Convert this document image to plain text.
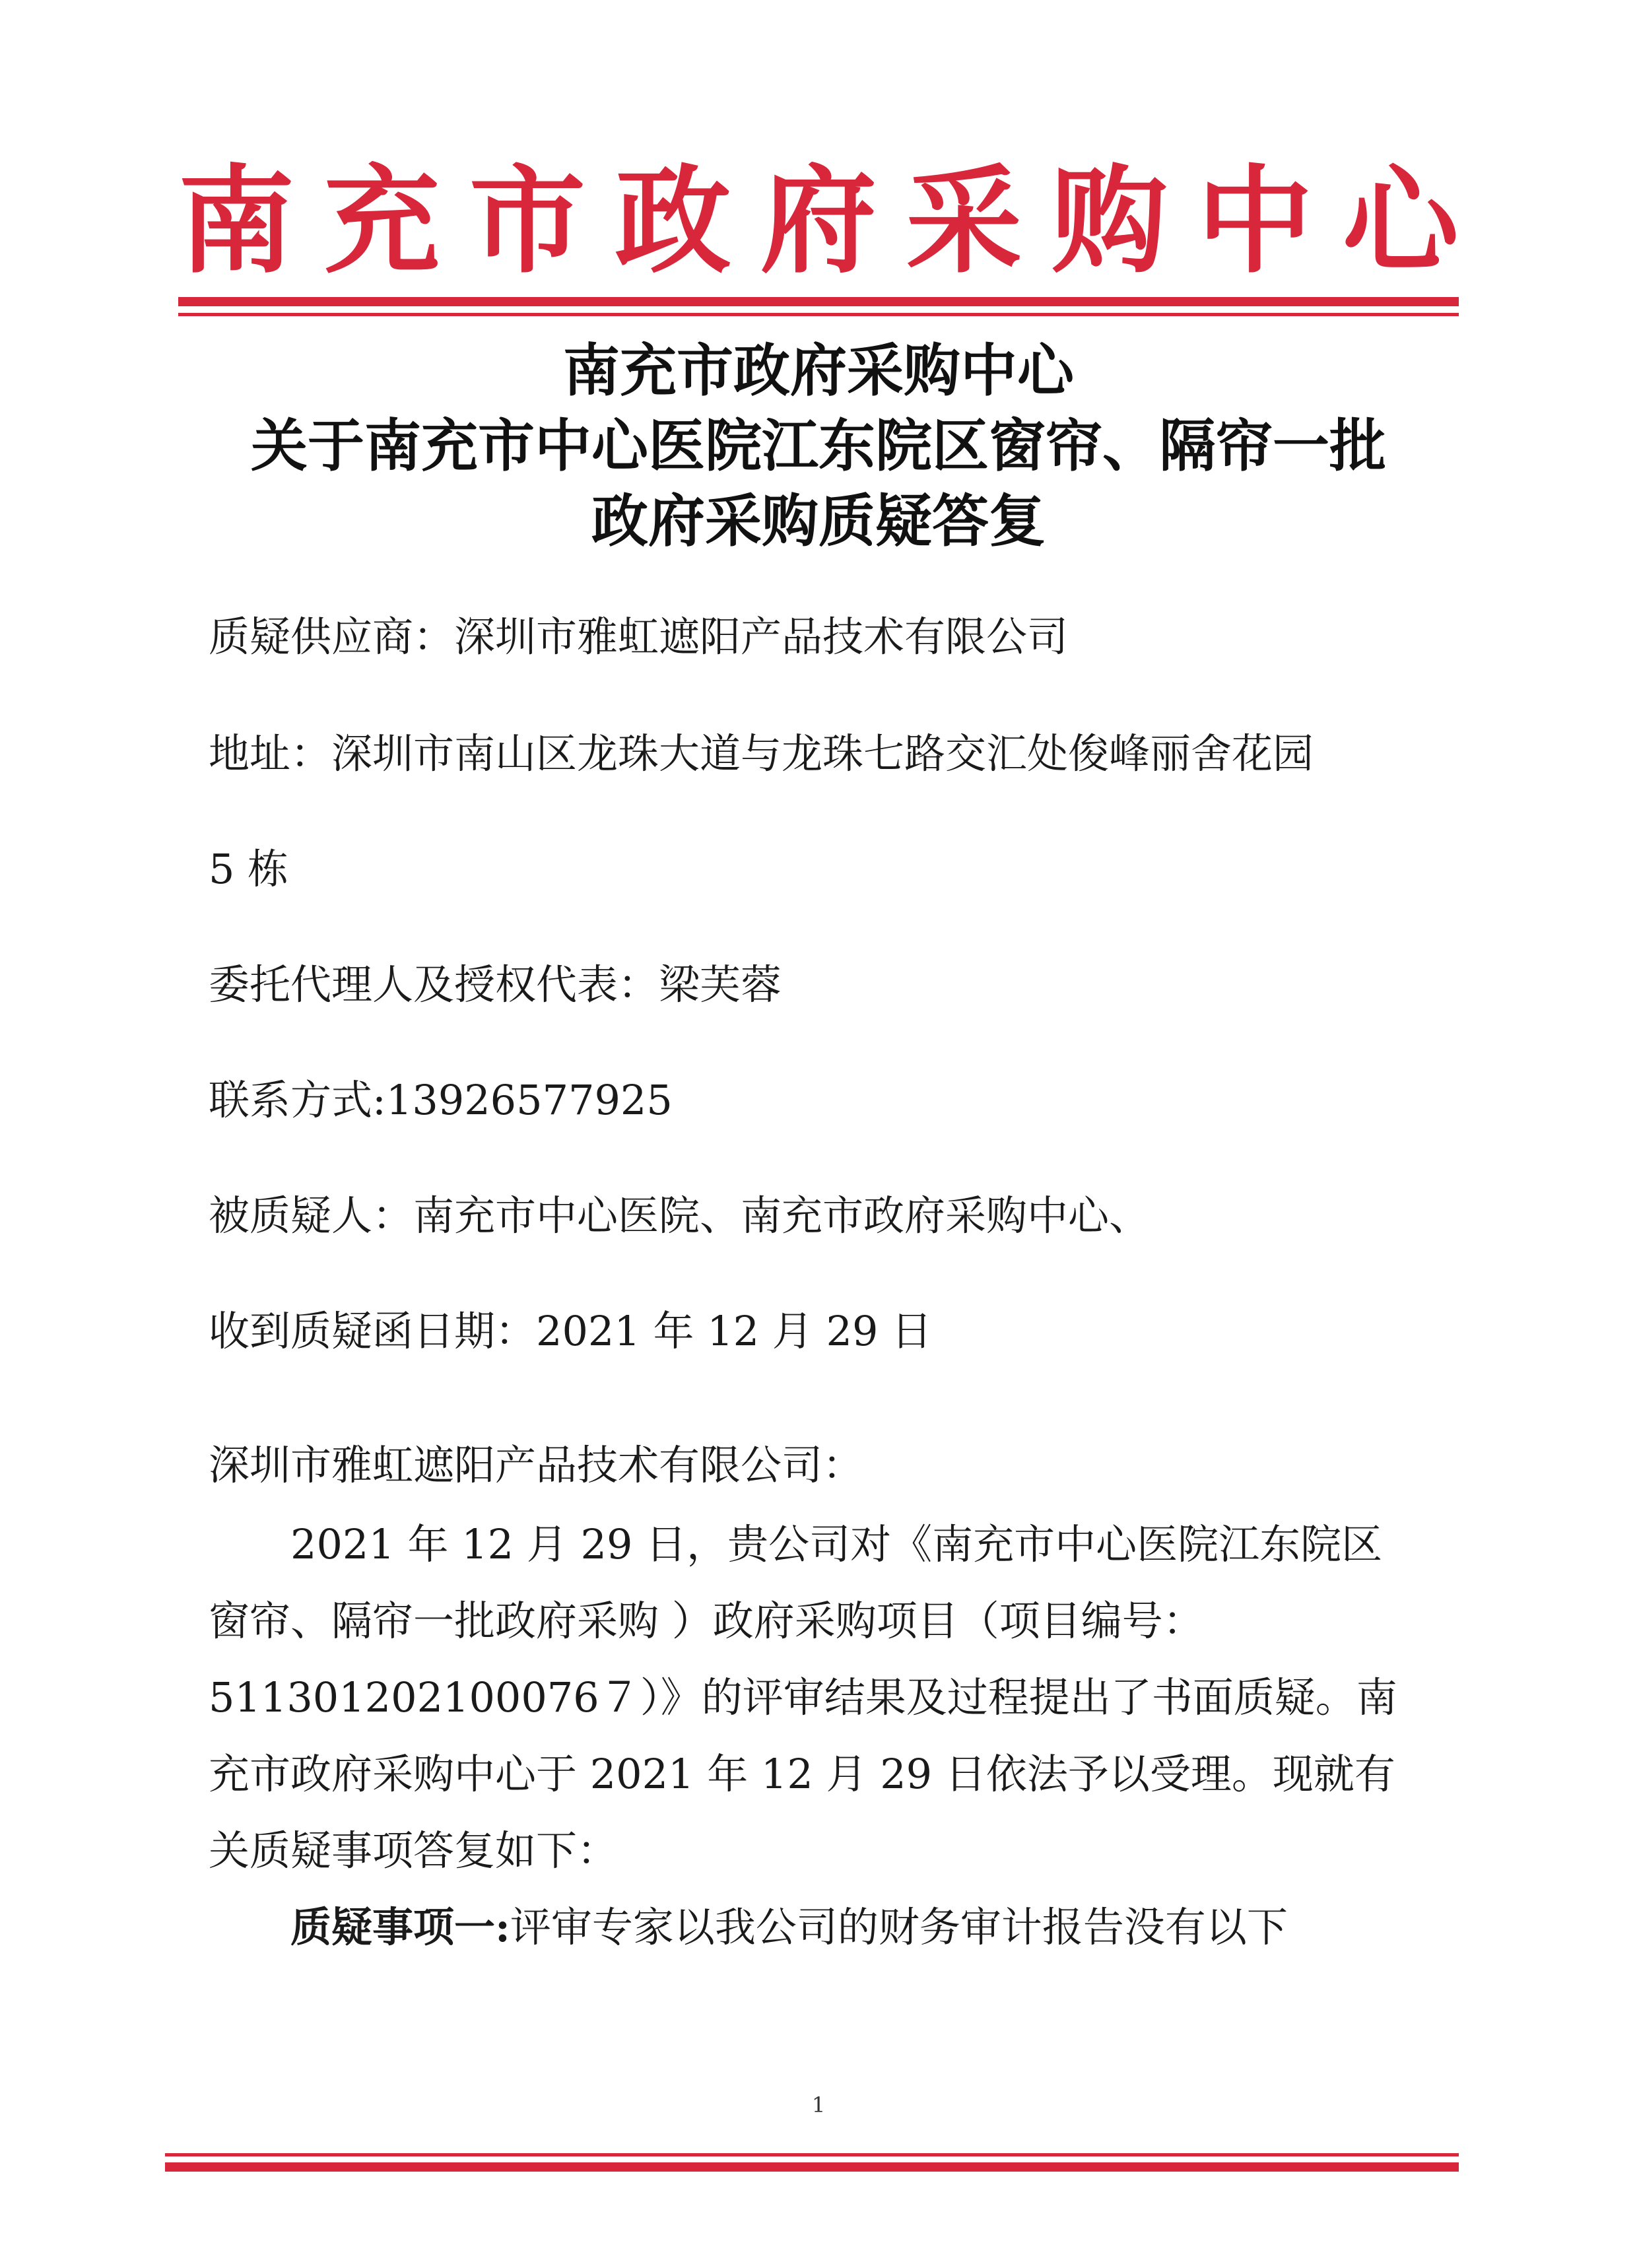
南 充 市 政 府 采 购 中 心
南充市政府采购中心
关于南充市中心医院江东院区窗帘、隔帘一批
政府采购质疑答复
质疑供应商：深圳市雅虹遮阳产品技术有限公司
地址：深圳市南山区龙珠大道与龙珠七路交汇处俊峰丽舍花园
5 栋
委托代理人及授权代表：梁芙蓉
联系方式:13926577925
被质疑人：南充市中心医院、南充市政府采购中心、
收到质疑函日期：2021 年 12 月 29 日
深圳市雅虹遮阳产品技术有限公司：
2021 年 12 月 29 日，贵公司对《南充市中心医院江东院区窗帘、隔帘一批政府采购 ）政府采购项目（项目编号：511301202100076７）》的评审结果及过程提出了书面质疑。南充市政府采购中心于 2021 年 12 月 29 日依法予以受理。现就有关质疑事项答复如下：
质疑事项一:评审专家以我公司的财务审计报告没有以下
1
